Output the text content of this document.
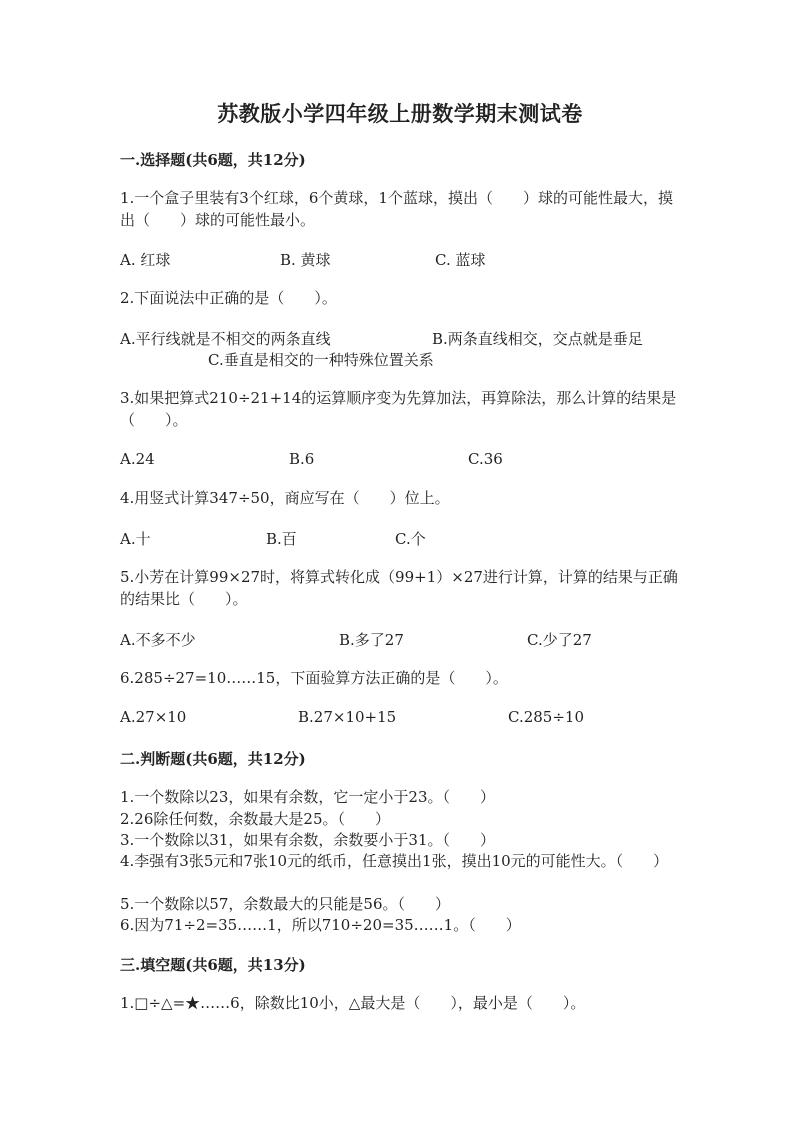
苏教版小学四年级上册数学期末测试卷
一.选择题(共6题，共12分)
1.一个盒子里装有3个红球，6个黄球，1个蓝球，摸出（　　）球的可能性最大，摸出（　　）球的可能性最小。
A. 红球	B. 黄球	C. 蓝球
2.下面说法中正确的是（　　）。
A.平行线就是不相交的两条直线	B.两条直线相交，交点就是垂足
C.垂直是相交的一种特殊位置关系
3.如果把算式210÷21+14的运算顺序变为先算加法，再算除法，那么计算的结果是（　　）。
A.24	B.6	C.36
4.用竖式计算347÷50，商应写在（　　）位上。
A.十	B.百	C.个
5.小芳在计算99×27时，将算式转化成（99+1）×27进行计算，计算的结果与正确的结果比（　　）。
A.不多不少	B.多了27	C.少了27
6.285÷27=10……15，下面验算方法正确的是（　　）。
A.27×10	B.27×10+15	C.285÷10
二.判断题(共6题，共12分)
1.一个数除以23，如果有余数，它一定小于23。（　　）
2.26除任何数，余数最大是25。（　　）
3.一个数除以31，如果有余数，余数要小于31。（　　）
4.李强有3张5元和7张10元的纸币，任意摸出1张，摸出10元的可能性大。（　　）
5.一个数除以57，余数最大的只能是56。（　　）
6.因为71÷2=35……1，所以710÷20=35……1。（　　）
三.填空题(共6题，共13分)
1.□÷△=★……6，除数比10小，△最大是（　　），最小是（　　）。
